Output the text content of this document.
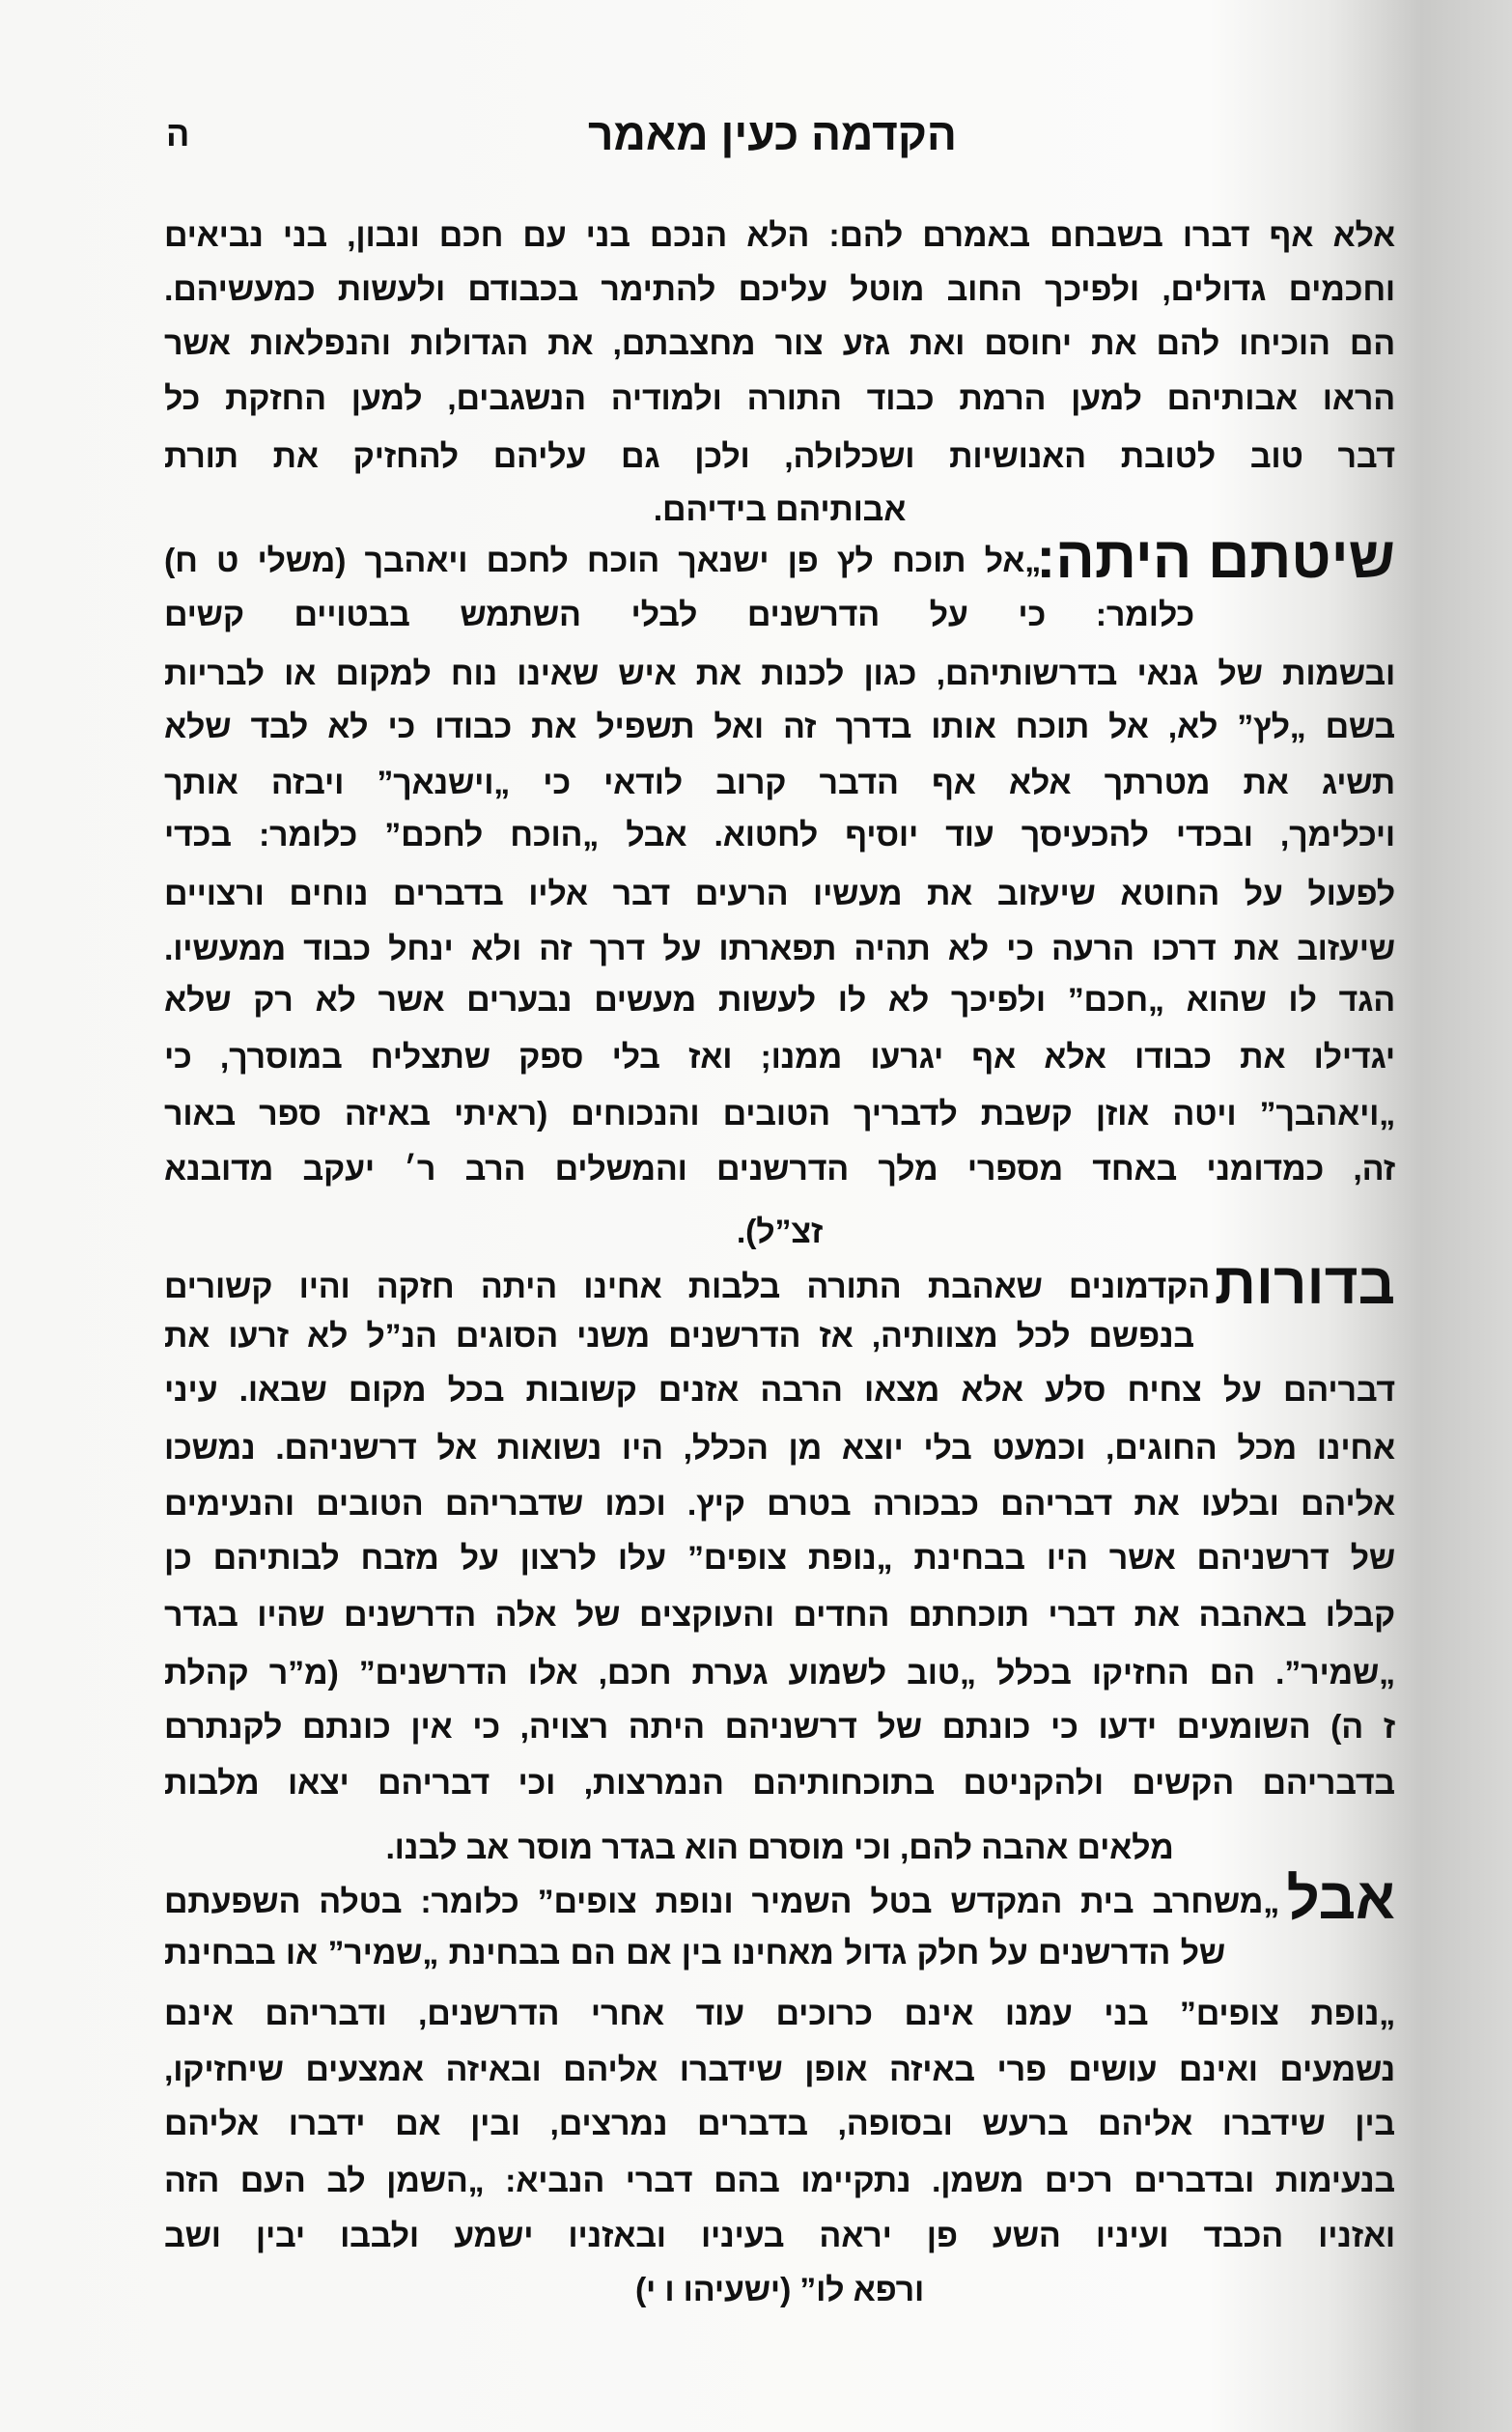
ה	הקדמה כעין מאמר
אלא אף דברו בשבחם באמרם להם: הלא הנכם בני עם חכם ונבון, בני נביאים
וחכמים גדולים, ולפיכך החוב מוטל עליכם להתימר בכבודם ולעשות כמעשיהם.
הם הוכיחו להם את יחוסם ואת גזע צור מחצבתם, את הגדולות והנפלאות אשר
הראו אבותיהם למען הרמת כבוד התורה ולמודיה הנשגבים, למען החזקת כל
דבר טוב לטובת האנושיות ושכלולה, ולכן גם עליהם להחזיק את תורת
אבותיהם בידיהם.
„אל תוכח לץ פן ישנאך הוכח לחכם ויאהבך (משלי ט ח)
כלומר: כי על הדרשנים לבלי השתמש בבטויים קשים
ובשמות של גנאי בדרשותיהם, כגון לכנות את איש שאינו נוח למקום או לבריות
בשם „לץ” לא, אל תוכח אותו בדרך זה ואל תשפיל את כבודו כי לא לבד שלא
תשיג את מטרתך אלא אף הדבר קרוב לודאי כי „וישנאך” ויבזה אותך
ויכלימך, ובכדי להכעיסך עוד יוסיף לחטוא. אבל „הוכח לחכם” כלומר: בכדי
לפעול על החוטא שיעזוב את מעשיו הרעים דבר אליו בדברים נוחים ורצויים
שיעזוב את דרכו הרעה כי לא תהיה תפארתו על דרך זה ולא ינחל כבוד ממעשיו.
הגד לו שהוא „חכם” ולפיכך לא לו לעשות מעשים נבערים אשר לא רק שלא
יגדילו את כבודו אלא אף יגרעו ממנו; ואז בלי ספק שתצליח במוסרך, כי
„ויאהבך” ויטה אוזן קשבת לדבריך הטובים והנכוחים (ראיתי באיזה ספר באור
זה, כמדומני באחד מספרי מלך הדרשנים והמשלים הרב ר׳ יעקב מדובנא
זצ”ל).
הקדמונים שאהבת התורה בלבות אחינו היתה חזקה והיו קשורים
בנפשם לכל מצוותיה, אז הדרשנים משני הסוגים הנ”ל לא זרעו את
דבריהם על צחיח סלע אלא מצאו הרבה אזנים קשובות בכל מקום שבאו. עיני
אחינו מכל החוגים, וכמעט בלי יוצא מן הכלל, היו נשואות אל דרשניהם. נמשכו
אליהם ובלעו את דבריהם כבכורה בטרם קיץ. וכמו שדבריהם הטובים והנעימים
של דרשניהם אשר היו בבחינת „נופת צופים” עלו לרצון על מזבח לבותיהם כן
קבלו באהבה את דברי תוכחתם החדים והעוקצים של אלה הדרשנים שהיו בגדר
„שמיר”. הם החזיקו בכלל „טוב לשמוע גערת חכם, אלו הדרשנים” (מ”ר קהלת
ז ה) השומעים ידעו כי כונתם של דרשניהם היתה רצויה, כי אין כונתם לקנתרם
בדבריהם הקשים ולהקניטם בתוכחותיהם הנמרצות, וכי דבריהם יצאו מלבות
מלאים אהבה להם, וכי מוסרם הוא בגדר מוסר אב לבנו.
„משחרב בית המקדש בטל השמיר ונופת צופים” כלומר: בטלה השפעתם
של הדרשנים על חלק גדול מאחינו בין אם הם בבחינת „שמיר” או בבחינת
„נופת צופים” בני עמנו אינם כרוכים עוד אחרי הדרשנים, ודבריהם אינם
נשמעים ואינם עושים פרי באיזה אופן שידברו אליהם ובאיזה אמצעים שיחזיקו,
בין שידברו אליהם ברעש ובסופה, בדברים נמרצים, ובין אם ידברו אליהם
בנעימות ובדברים רכים משמן. נתקיימו בהם דברי הנביא: „השמן לב העם הזה
ואזניו הכבד ועיניו השע פן יראה בעיניו ובאזניו ישמע ולבבו יבין ושב
ורפא לו” (ישעיהו ו י)
שיטתם היתה:
בדורות
אבל
